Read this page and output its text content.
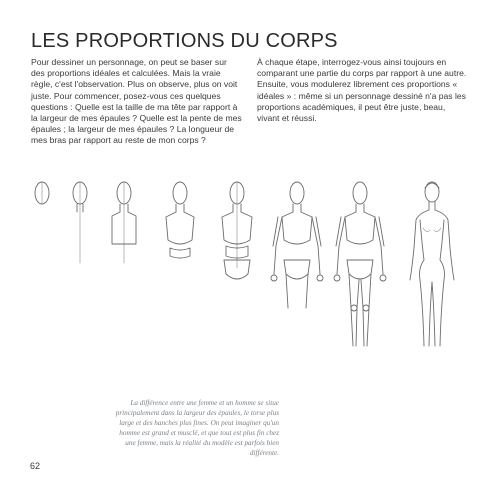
LES PROPORTIONS DU CORPS

Pour dessiner un personnage, on peut se baser sur des proportions idéales et calculées. Mais la vraie règle, c'est l'observation. Plus on observe, plus on voit juste. Pour commencer, posez-vous ces quelques questions : Quelle est la taille de ma tête par rapport à la largeur de mes épaules ? Quelle est la pente de mes épaules ; la largeur de mes épaules ? La longueur de mes bras par rapport au reste de mon corps ?

À chaque étape, interrogez-vous ainsi toujours en comparant une partie du corps par rapport à une autre. Ensuite, vous modulerez librement ces proportions « idéales » : même si un personnage dessiné n'a pas les proportions académiques, il peut être juste, beau, vivant et réussi.

La différence entre une femme et un homme se situe principalement dans la largeur des épaules, le torse plus large et des hanches plus fines. On peut imaginer qu'un homme est grand et musclé, et que tout est plus fin chez une femme, mais la réalité du modèle est parfois bien différente.

62
